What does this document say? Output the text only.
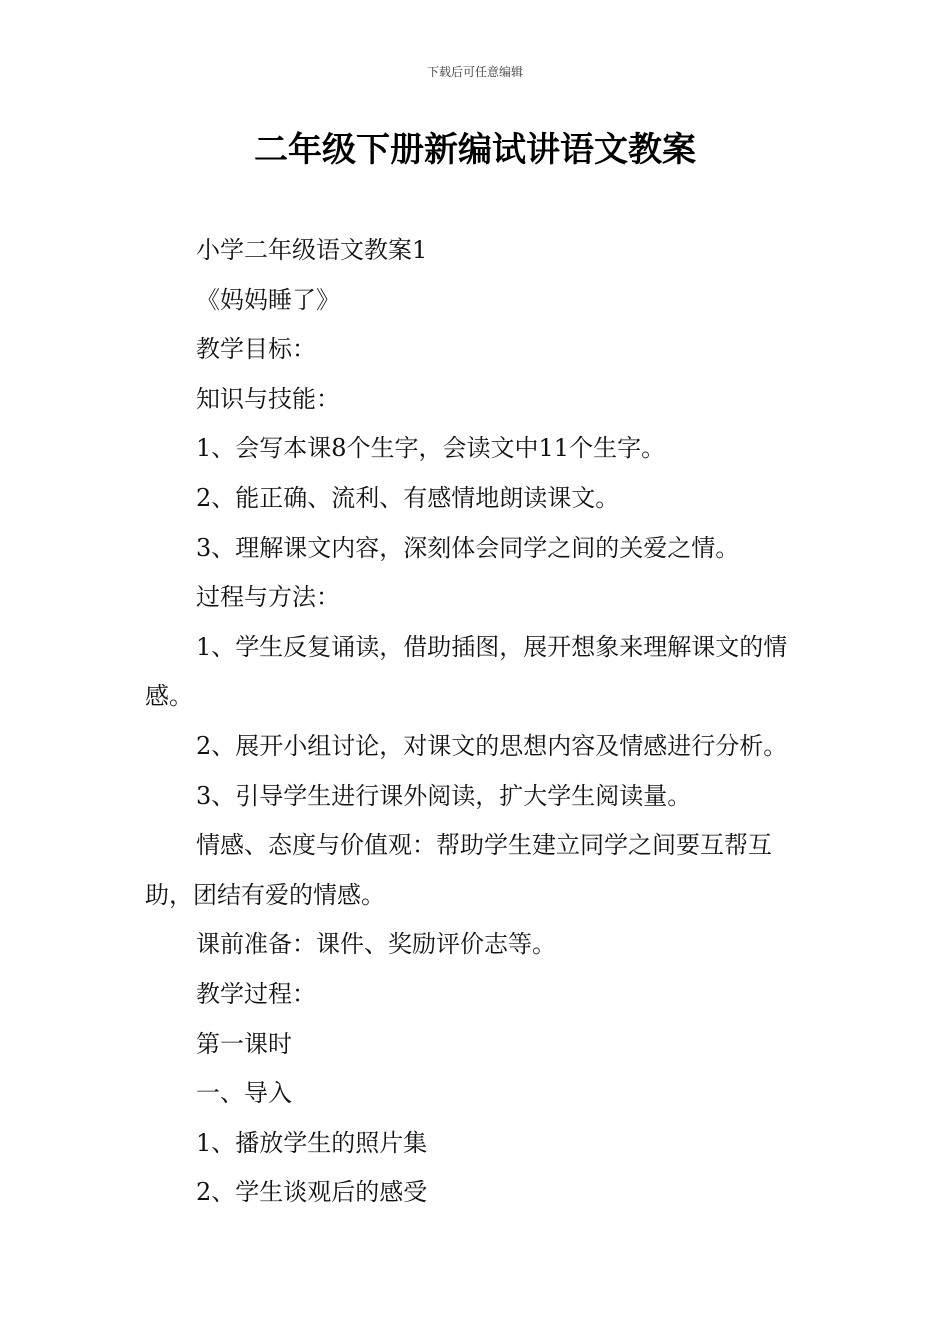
下载后可任意编辑
二年级下册新编试讲语文教案

小学二年级语文教案1

《妈妈睡了》

教学目标：

知识与技能：

1、会写本课8个生字，会读文中11个生字。

2、能正确、流利、有感情地朗读课文。

3、理解课文内容，深刻体会同学之间的关爱之情。

过程与方法：

1、学生反复诵读，借助插图，展开想象来理解课文的情感。

2、展开小组讨论，对课文的思想内容及情感进行分析。

3、引导学生进行课外阅读，扩大学生阅读量。

情感、态度与价值观：帮助学生建立同学之间要互帮互助，团结有爱的情感。

课前准备：课件、奖励评价志等。

教学过程：

第一课时

一、导入

1、播放学生的照片集

2、学生谈观后的感受
